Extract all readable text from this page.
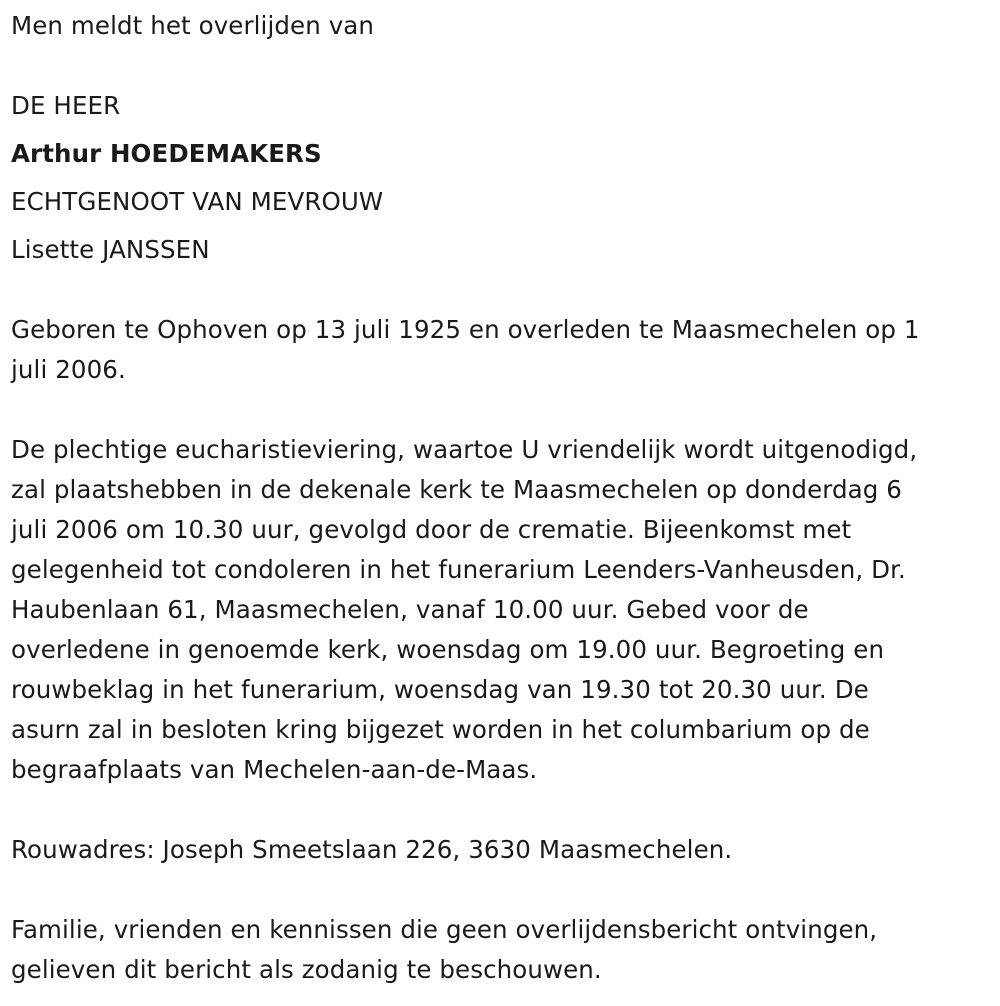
Men meldt het overlijden van

DE HEER

Arthur HOEDEMAKERS

ECHTGENOOT VAN MEVROUW

Lisette JANSSEN

Geboren te Ophoven op 13 juli 1925 en overleden te Maasmechelen op 1

juli 2006.

De plechtige eucharistieviering, waartoe U vriendelijk wordt uitgenodigd,

zal plaatshebben in de dekenale kerk te Maasmechelen op donderdag 6

juli 2006 om 10.30 uur, gevolgd door de crematie. Bijeenkomst met

gelegenheid tot condoleren in het funerarium Leenders-Vanheusden, Dr.

Haubenlaan 61, Maasmechelen, vanaf 10.00 uur. Gebed voor de

overledene in genoemde kerk, woensdag om 19.00 uur. Begroeting en

rouwbeklag in het funerarium, woensdag van 19.30 tot 20.30 uur. De

asurn zal in besloten kring bijgezet worden in het columbarium op de

begraafplaats van Mechelen-aan-de-Maas.

Rouwadres: Joseph Smeetslaan 226, 3630 Maasmechelen.

Familie, vrienden en kennissen die geen overlijdensbericht ontvingen,

gelieven dit bericht als zodanig te beschouwen.
